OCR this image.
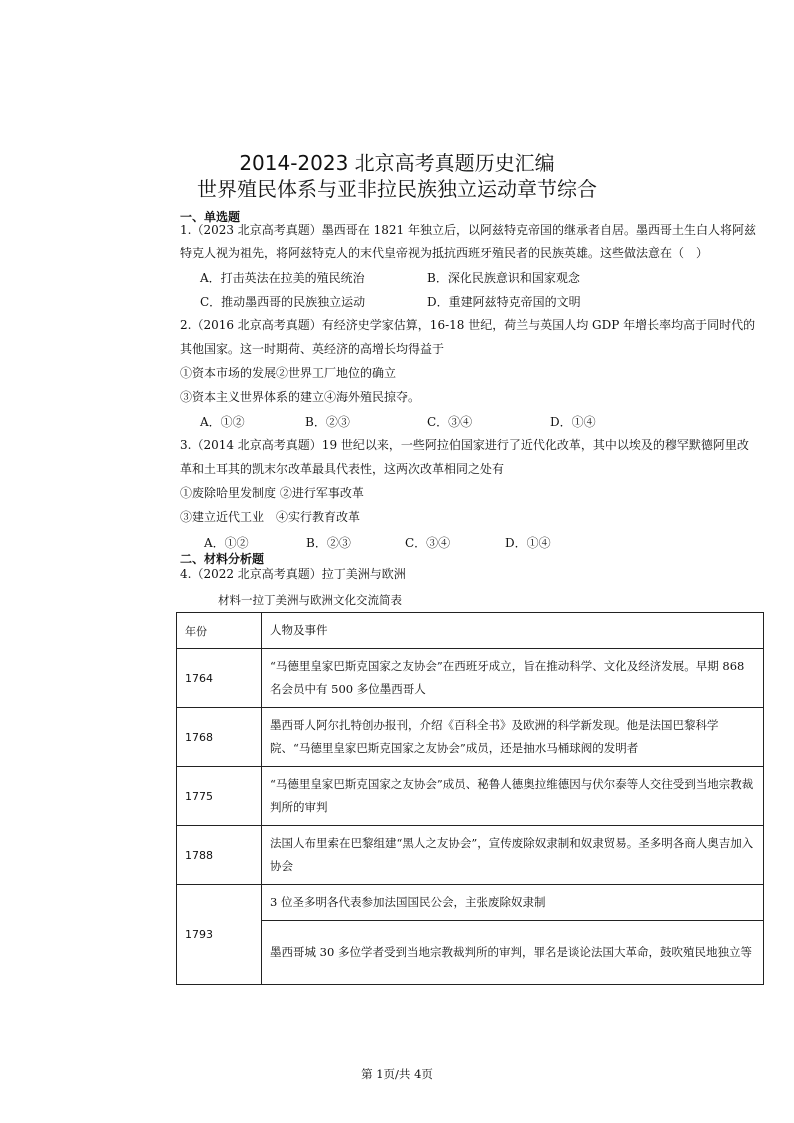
2014-2023 北京高考真题历史汇编
世界殖民体系与亚非拉民族独立运动章节综合
一、单选题
1.（2023 北京高考真题）墨西哥在 1821 年独立后，以阿兹特克帝国的继承者自居。墨西哥土生白人将阿兹
特克人视为祖先，将阿兹特克人的末代皇帝视为抵抗西班牙殖民者的民族英雄。这些做法意在（　）
A．打击英法在拉美的殖民统治	B．深化民族意识和国家观念
C．推动墨西哥的民族独立运动	D．重建阿兹特克帝国的文明
2.（2016 北京高考真题）有经济史学家估算，16-18 世纪，荷兰与英国人均 GDP 年增长率均高于同时代的
其他国家。这一时期荷、英经济的高增长均得益于
①资本市场的发展②世界工厂地位的确立
③资本主义世界体系的建立④海外殖民掠夺。
A．①②	B．②③	C．③④	D．①④
3.（2014 北京高考真题）19 世纪以来，一些阿拉伯国家进行了近代化改革，其中以埃及的穆罕默德阿里改
革和土耳其的凯末尔改革最具代表性，这两次改革相同之处有
①废除哈里发制度 ②进行军事改革
③建立近代工业　④实行教育改革
A．①②	B．②③	C．③④	D．①④
二、材料分析题
4.（2022 北京高考真题）拉丁美洲与欧洲
材料一拉丁美洲与欧洲文化交流简表
年份	人物及事件
1764	“马德里皇家巴斯克国家之友协会”在西班牙成立，旨在推动科学、文化及经济发展。早期 868 名会员中有 500 多位墨西哥人
1768	墨西哥人阿尔扎特创办报刊，介绍《百科全书》及欧洲的科学新发现。他是法国巴黎科学院、“马德里皇家巴斯克国家之友协会”成员，还是抽水马桶球阀的发明者
1775	“马德里皇家巴斯克国家之友协会”成员、秘鲁人德奥拉维德因与伏尔泰等人交往受到当地宗教裁判所的审判
1788	法国人布里索在巴黎组建“黑人之友协会”，宣传废除奴隶制和奴隶贸易。圣多明各商人奥吉加入协会
1793	3 位圣多明各代表参加法国国民公会，主张废除奴隶制
	墨西哥城 30 多位学者受到当地宗教裁判所的审判，罪名是谈论法国大革命，鼓吹殖民地独立等
第 1页/共 4页
